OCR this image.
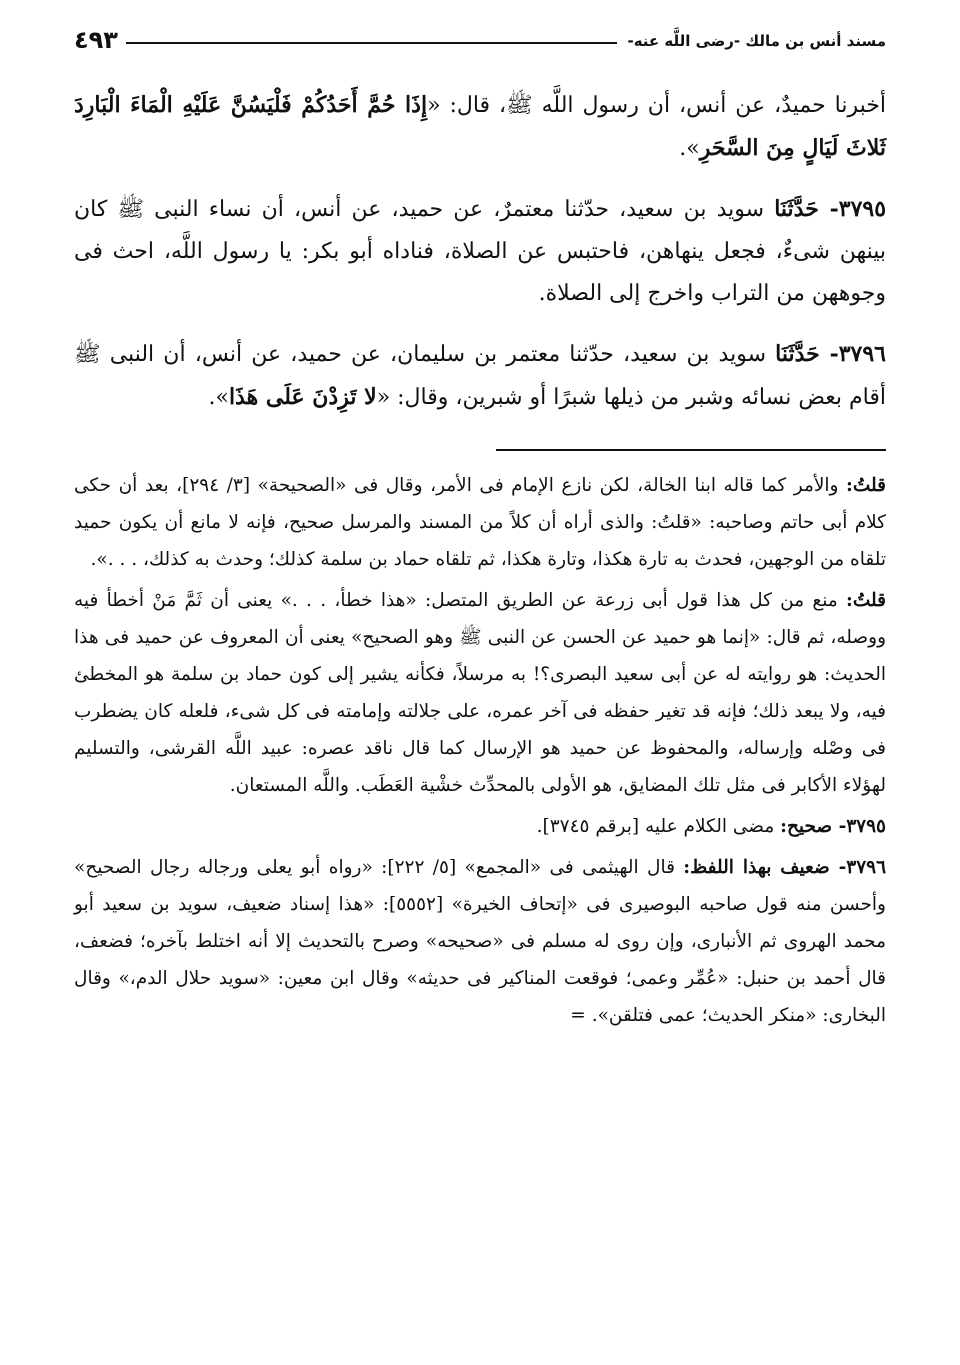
مسند أنس بن مالك -رضى اللَّه عنه-
٤٩٣

أخبرنا حميدٌ، عن أنس، أن رسول اللَّه ﷺ، قال: «إِذَا حُمَّ أَحَدُكُمْ فَلْيَسُنَّ عَلَيْهِ الْمَاءَ الْبَارِدَ ثَلاثَ لَيَالٍ مِنَ السَّحَرِ».

٣٧٩٥- حَدَّثَنَا سويد بن سعيد، حدّثنا معتمرٌ، عن حميد، عن أنس، أن نساء النبى ﷺ كان بينهن شىءٌ، فجعل ينهاهن، فاحتبس عن الصلاة، فناداه أبو بكر: يا رسول اللَّه، احث فى وجوههن من التراب واخرج إلى الصلاة.

٣٧٩٦- حَدَّثَنَا سويد بن سعيد، حدّثنا معتمر بن سليمان، عن حميد، عن أنس، أن النبى ﷺ أقام بعض نسائه وشبر من ذيلها شبرًا أو شبرين، وقال: «لا تَزِدْنَ عَلَى هَذَا».

قلتُ: والأمر كما قاله ابنا الخالة، لكن نازع الإمام فى الأمر، وقال فى «الصحيحة» [٣/ ٢٩٤]، بعد أن حكى كلام أبى حاتم وصاحبه: «قلتُ: والذى أراه أن كلاً من المسند والمرسل صحيح، فإنه لا مانع أن يكون حميد تلقاه من الوجهين، فحدث به تارة هكذا، وتارة هكذا، ثم تلقاه حماد بن سلمة كذلك؛ وحدث به كذلك، . . .».

قلتُ: منع من كل هذا قول أبى زرعة عن الطريق المتصل: «هذا خطأ، . . .» يعنى أن ثَمَّ مَنْ أخطأ فيه ووصله، ثم قال: «إنما هو حميد عن الحسن عن النبى ﷺ وهو الصحيح» يعنى أن المعروف عن حميد فى هذا الحديث: هو روايته له عن أبى سعيد البصرى؟! به مرسلاً، فكأنه يشير إلى كون حماد بن سلمة هو المخطئ فيه، ولا يبعد ذلك؛ فإنه قد تغير حفظه فى آخر عمره، على جلالته وإمامته فى كل شىء، فلعله كان يضطرب فى وصْله وإرساله، والمحفوظ عن حميد هو الإرسال كما قال ناقد عصره: عبيد اللَّه القرشى، والتسليم لهؤلاء الأكابر فى مثل تلك المضايق، هو الأولى بالمحدِّث خشْية العَطَب. واللَّه المستعان.

٣٧٩٥- صحيح: مضى الكلام عليه [برقم ٣٧٤٥].

٣٧٩٦- ضعيف بهذا اللفظ: قال الهيثمى فى «المجمع» [٥/ ٢٢٢]: «رواه أبو يعلى ورجاله رجال الصحيح» وأحسن منه قول صاحبه البوصيرى فى «إتحاف الخيرة» [٥٥٥٢]: «هذا إسناد ضعيف، سويد بن سعيد أبو محمد الهروى ثم الأنبارى، وإن روى له مسلم فى «صحيحه» وصرح بالتحديث إلا أنه اختلط بآخره؛ فضعف، قال أحمد بن حنبل: «عُمِّر وعمى؛ فوقعت المناكير فى حديثه» وقال ابن معين: «سويد حلال الدم،» وقال البخارى: «منكر الحديث؛ عمى فتلقن». =
